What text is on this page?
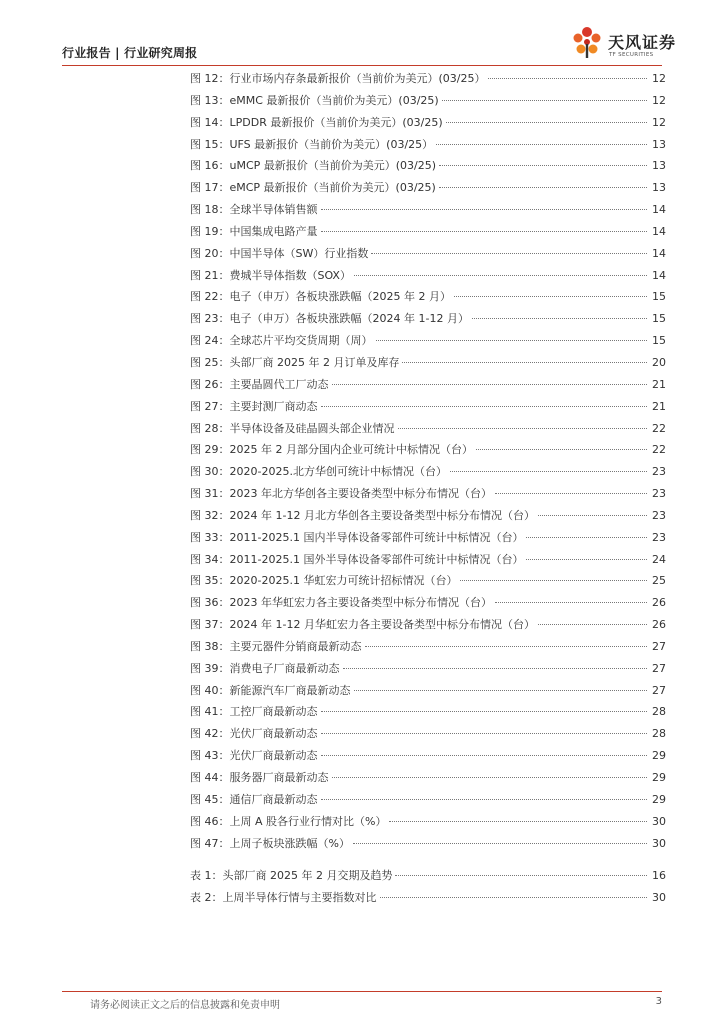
行业报告 | 行业研究周报
天风证券
TF SECURITIES
图 12：行业市场内存条最新报价（当前价为美元）(03/25）	12
图 13：eMMC 最新报价（当前价为美元）(03/25)	12
图 14：LPDDR 最新报价（当前价为美元）(03/25)	12
图 15：UFS 最新报价（当前价为美元）(03/25）	13
图 16：uMCP 最新报价（当前价为美元）(03/25)	13
图 17：eMCP 最新报价（当前价为美元）(03/25)	13
图 18：全球半导体销售额	14
图 19：中国集成电路产量	14
图 20：中国半导体（SW）行业指数	14
图 21：费城半导体指数（SOX）	14
图 22：电子（申万）各板块涨跌幅（2025 年 2 月）	15
图 23：电子（申万）各板块涨跌幅（2024 年 1-12 月）	15
图 24：全球芯片平均交货周期（周）	15
图 25：头部厂商 2025 年 2 月订单及库存	20
图 26：主要晶圆代工厂动态	21
图 27：主要封测厂商动态	21
图 28：半导体设备及硅晶圆头部企业情况	22
图 29：2025 年 2 月部分国内企业可统计中标情况（台）	22
图 30：2020-2025.北方华创可统计中标情况（台）	23
图 31：2023 年北方华创各主要设备类型中标分布情况（台）	23
图 32：2024 年 1-12 月北方华创各主要设备类型中标分布情况（台）	23
图 33：2011-2025.1 国内半导体设备零部件可统计中标情况（台）	23
图 34：2011-2025.1 国外半导体设备零部件可统计中标情况（台）	24
图 35：2020-2025.1 华虹宏力可统计招标情况（台）	25
图 36：2023 年华虹宏力各主要设备类型中标分布情况（台）	26
图 37：2024 年 1-12 月华虹宏力各主要设备类型中标分布情况（台）	26
图 38：主要元器件分销商最新动态	27
图 39：消费电子厂商最新动态	27
图 40：新能源汽车厂商最新动态	27
图 41：工控厂商最新动态	28
图 42：光伏厂商最新动态	28
图 43：光伏厂商最新动态	29
图 44：服务器厂商最新动态	29
图 45：通信厂商最新动态	29
图 46：上周 A 股各行业行情对比（%）	30
图 47：上周子板块涨跌幅（%）	30
表 1：头部厂商 2025 年 2 月交期及趋势	16
表 2：上周半导体行情与主要指数对比	30
请务必阅读正文之后的信息披露和免责申明	3
